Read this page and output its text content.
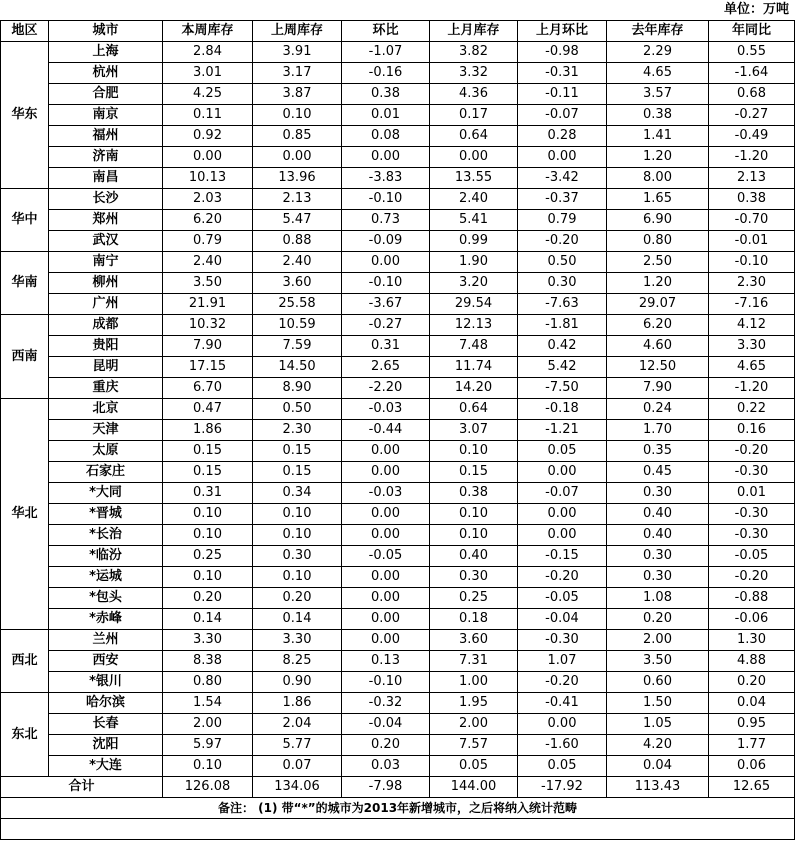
单位：万吨
地区	城市	本周库存	上周库存	环比	上月库存	上月环比	去年库存	年同比
华东	上海	2.84	3.91	-1.07	3.82	-0.98	2.29	0.55
	杭州	3.01	3.17	-0.16	3.32	-0.31	4.65	-1.64
	合肥	4.25	3.87	0.38	4.36	-0.11	3.57	0.68
	南京	0.11	0.10	0.01	0.17	-0.07	0.38	-0.27
	福州	0.92	0.85	0.08	0.64	0.28	1.41	-0.49
	济南	0.00	0.00	0.00	0.00	0.00	1.20	-1.20
	南昌	10.13	13.96	-3.83	13.55	-3.42	8.00	2.13
华中	长沙	2.03	2.13	-0.10	2.40	-0.37	1.65	0.38
	郑州	6.20	5.47	0.73	5.41	0.79	6.90	-0.70
	武汉	0.79	0.88	-0.09	0.99	-0.20	0.80	-0.01
华南	南宁	2.40	2.40	0.00	1.90	0.50	2.50	-0.10
	柳州	3.50	3.60	-0.10	3.20	0.30	1.20	2.30
	广州	21.91	25.58	-3.67	29.54	-7.63	29.07	-7.16
西南	成都	10.32	10.59	-0.27	12.13	-1.81	6.20	4.12
	贵阳	7.90	7.59	0.31	7.48	0.42	4.60	3.30
	昆明	17.15	14.50	2.65	11.74	5.42	12.50	4.65
	重庆	6.70	8.90	-2.20	14.20	-7.50	7.90	-1.20
华北	北京	0.47	0.50	-0.03	0.64	-0.18	0.24	0.22
	天津	1.86	2.30	-0.44	3.07	-1.21	1.70	0.16
	太原	0.15	0.15	0.00	0.10	0.05	0.35	-0.20
	石家庄	0.15	0.15	0.00	0.15	0.00	0.45	-0.30
	*大同	0.31	0.34	-0.03	0.38	-0.07	0.30	0.01
	*晋城	0.10	0.10	0.00	0.10	0.00	0.40	-0.30
	*长治	0.10	0.10	0.00	0.10	0.00	0.40	-0.30
	*临汾	0.25	0.30	-0.05	0.40	-0.15	0.30	-0.05
	*运城	0.10	0.10	0.00	0.30	-0.20	0.30	-0.20
	*包头	0.20	0.20	0.00	0.25	-0.05	1.08	-0.88
	*赤峰	0.14	0.14	0.00	0.18	-0.04	0.20	-0.06
西北	兰州	3.30	3.30	0.00	3.60	-0.30	2.00	1.30
	西安	8.38	8.25	0.13	7.31	1.07	3.50	4.88
	*银川	0.80	0.90	-0.10	1.00	-0.20	0.60	0.20
东北	哈尔滨	1.54	1.86	-0.32	1.95	-0.41	1.50	0.04
	长春	2.00	2.04	-0.04	2.00	0.00	1.05	0.95
	沈阳	5.97	5.77	0.20	7.57	-1.60	4.20	1.77
	*大连	0.10	0.07	0.03	0.05	0.05	0.04	0.06
合计		126.08	134.06	-7.98	144.00	-17.92	113.43	12.65
备注： (1) 带“*”的城市为2013年新增城市，之后将纳入统计范畴								
